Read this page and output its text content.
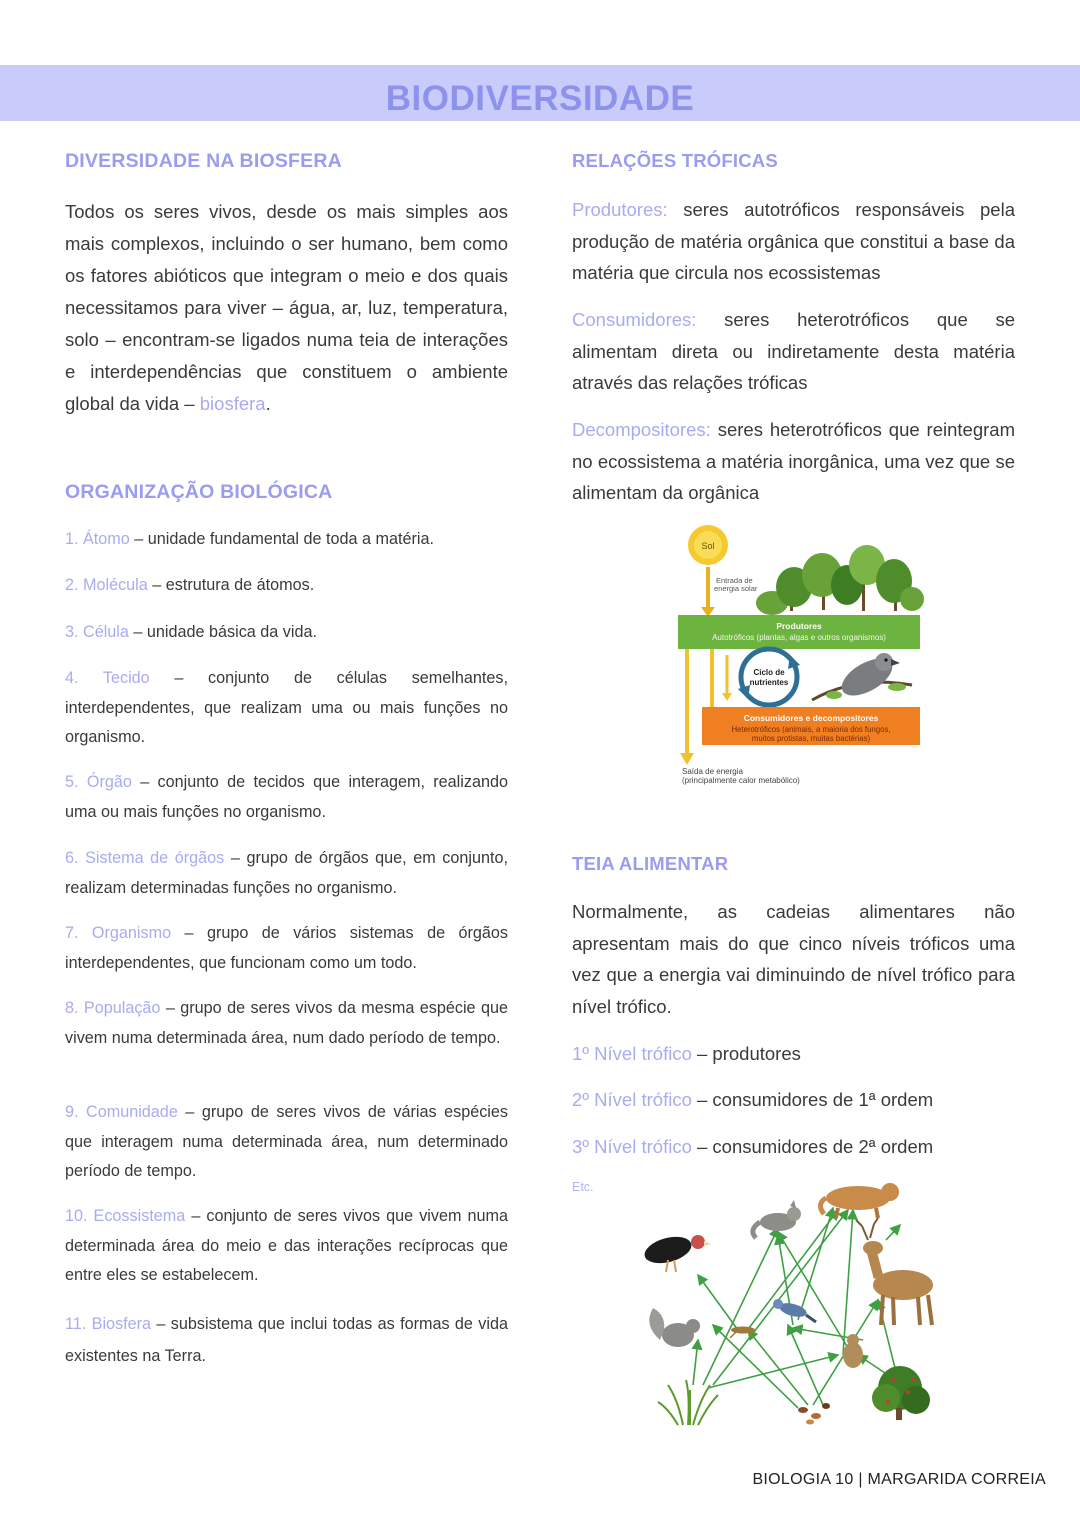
BIODIVERSIDADE
DIVERSIDADE NA BIOSFERA

Todos os seres vivos, desde os mais simples aos mais complexos, incluindo o ser humano, bem como os fatores abióticos que integram o meio e dos quais necessitamos para viver – água, ar, luz, temperatura, solo – encontram-se ligados numa teia de interações e interdependências que constituem o ambiente global da vida – biosfera.

ORGANIZAÇÃO BIOLÓGICA

1. Átomo – unidade fundamental de toda a matéria.

2. Molécula – estrutura de átomos.

3. Célula – unidade básica da vida.

4. Tecido – conjunto de células semelhantes, interdependentes, que realizam uma ou mais funções no organismo.

5. Órgão – conjunto de tecidos que interagem, realizando uma ou mais funções no organismo.

6. Sistema de órgãos – grupo de órgãos que, em conjunto, realizam determinadas funções no organismo.

7. Organismo – grupo de vários sistemas de órgãos interdependentes, que funcionam como um todo.

8. População – grupo de seres vivos da mesma espécie que vivem numa determinada área, num dado período de tempo.

9. Comunidade – grupo de seres vivos de várias espécies que interagem numa determinada área, num determinado período de tempo.

10. Ecossistema – conjunto de seres vivos que vivem numa determinada área do meio e das interações recíprocas que entre eles se estabelecem.

11. Biosfera – subsistema que inclui todas as formas de vida existentes na Terra.

RELAÇÕES TRÓFICAS

Produtores: seres autotróficos responsáveis pela produção de matéria orgânica que constitui a base da matéria que circula nos ecossistemas

Consumidores: seres heterotróficos que se alimentam direta ou indiretamente desta matéria através das relações tróficas

Decompositores: seres heterotróficos que reintegram no ecossistema a matéria inorgânica, uma vez que se alimentam da orgânica

Sol
Entrada de
energia solar
Produtores
Autotróficos (plantas, algas e outros organismos)
Ciclo de
nutrientes
Consumidores e decompositores
Heterotróficos (animais, a maioria dos fungos,
muitos protistas, muitas bactérias)
Saída de energia
(principalmente calor metabólico)
TEIA ALIMENTAR

Normalmente, as cadeias alimentares não apresentam mais do que cinco níveis tróficos uma vez que a energia vai diminuindo de nível trófico para nível trófico.

1º Nível trófico – produtores

2º Nível trófico – consumidores de 1ª ordem

3º Nível trófico – consumidores de 2ª ordem

Etc.

BIOLOGIA 10 | MARGARIDA CORREIA
